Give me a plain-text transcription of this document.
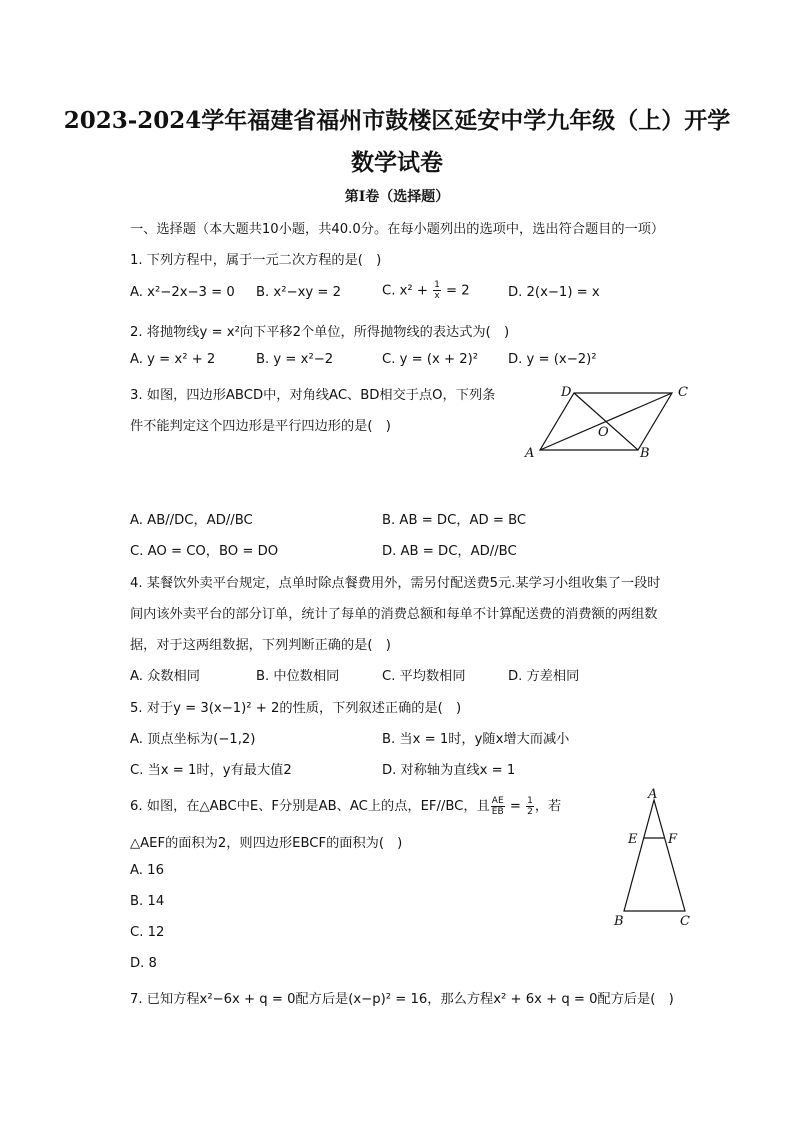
2023-2024学年福建省福州市鼓楼区延安中学九年级（上）开学
数学试卷
第Ⅰ卷（选择题）
一、选择题（本大题共10小题，共40.0分。在每小题列出的选项中，选出符合题目的一项）
1. 下列方程中，属于一元二次方程的是(　)
A. x²−2x−3 = 0 B. x²−xy = 2	C. $x^2 + \frac{1}{x} = 2$	D. 2(x−1) = x
2. 将抛物线y = x²向下平移2个单位，所得抛物线的表达式为(　)
A. y = x² + 2	B. y = x²−2	C. y = (x + 2)² D. y = (x−2)²
3. 如图，四边形ABCD中，对角线AC、BD相交于点O，下列条
件不能判定这个四边形是平行四边形的是(　)
A	B
C
D
O
A. AB//DC，AD//BC	B. AB = DC，AD = BC
C. AO = CO，BO = DO	D. AB = DC，AD//BC
4. 某餐饮外卖平台规定，点单时除点餐费用外，需另付配送费5元.某学习小组收集了一段时
间内该外卖平台的部分订单，统计了每单的消费总额和每单不计算配送费的消费额的两组数
据，对于这两组数据，下列判断正确的是(　)
A. 众数相同	B. 中位数相同	C. 平均数相同	D. 方差相同
5. 对于y = 3(x−1)² + 2的性质，下列叙述正确的是(　)
A. 顶点坐标为(−1,2)	B. 当x = 1时，y随x增大而减小
C. 当x = 1时，y有最大值2	D. 对称轴为直线x = 1
6. 如图，在△ABC中E、F分别是AB、AC上的点，EF//BC，且 $\frac{AE}{EB} = \frac{1}{2}$ ，若
△AEF的面积为2，则四边形EBCF的面积为(　)
A. 16
B. 14
C. 12
D. 8
A
E F
B	C
7. 已知方程x²−6x + q = 0配方后是(x−p)² = 16，那么方程x² + 6x + q = 0配方后是(　)
